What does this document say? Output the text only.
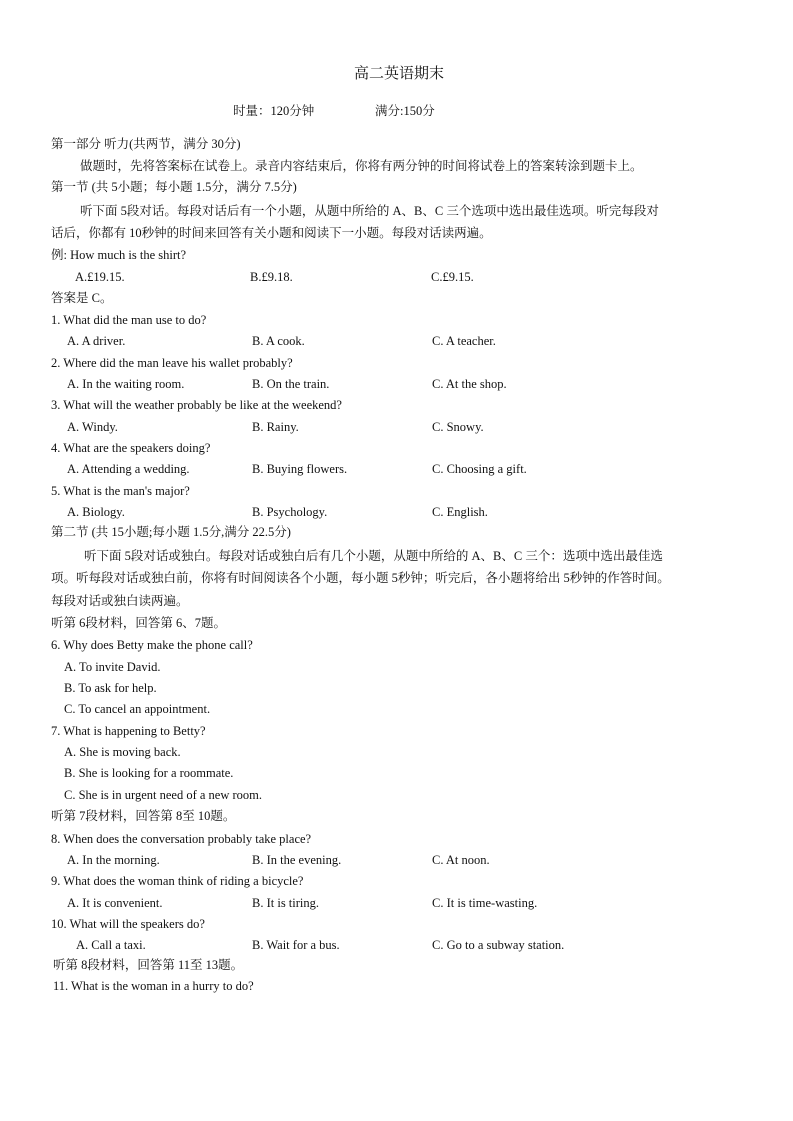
高二英语期末
时量：120分钟	满分:150分
第一部分 听力(共两节，满分 30分)
做题时，先将答案标在试卷上。录音内容结束后，你将有两分钟的时间将试卷上的答案转涂到题卡上。
第一节 (共 5小题；每小题 1.5分，满分 7.5分)
听下面 5段对话。每段对话后有一个小题，从题中所给的 A、B、C 三个选项中选出最佳选项。听完每段对
话后，你都有 10秒钟的时间来回答有关小题和阅读下一小题。每段对话读两遍。
例: How much is the shirt?
A.£19.15.	B.£9.18.	C.£9.15.
答案是 C。
1. What did the man use to do?
A. A driver.	B. A cook.	C. A teacher.
2. Where did the man leave his wallet probably?
A. In the waiting room.	B. On the train.	C. At the shop.
3. What will the weather probably be like at the weekend?
A. Windy.	B. Rainy.	C. Snowy.
4. What are the speakers doing?
A. Attending a wedding.	B. Buying flowers.	C. Choosing a gift.
5. What is the man's major?
A. Biology.	B. Psychology.	C. English.
第二节 (共 15小题;每小题 1.5分,满分 22.5分)
听下面 5段对话或独白。每段对话或独白后有几个小题，从题中所给的 A、B、C 三个：选项中选出最佳选
项。听每段对话或独白前，你将有时间阅读各个小题，每小题 5秒钟；听完后，各小题将给出 5秒钟的作答时间。
每段对话或独白读两遍。
听第 6段材料，回答第 6、7题。
6. Why does Betty make the phone call?
A. To invite David.
B. To ask for help.
C. To cancel an appointment.
7. What is happening to Betty?
A. She is moving back.
B. She is looking for a roommate.
C. She is in urgent need of a new room.
听第 7段材料，回答第 8至 10题。
8. When does the conversation probably take place?
A. In the morning.	B. In the evening.	C. At noon.
9. What does the woman think of riding a bicycle?
A. It is convenient.	B. It is tiring.	C. It is time-wasting.
10. What will the speakers do?
A. Call a taxi.	B. Wait for a bus.	C. Go to a subway station.
听第 8段材料，回答第 11至 13题。
11. What is the woman in a hurry to do?
